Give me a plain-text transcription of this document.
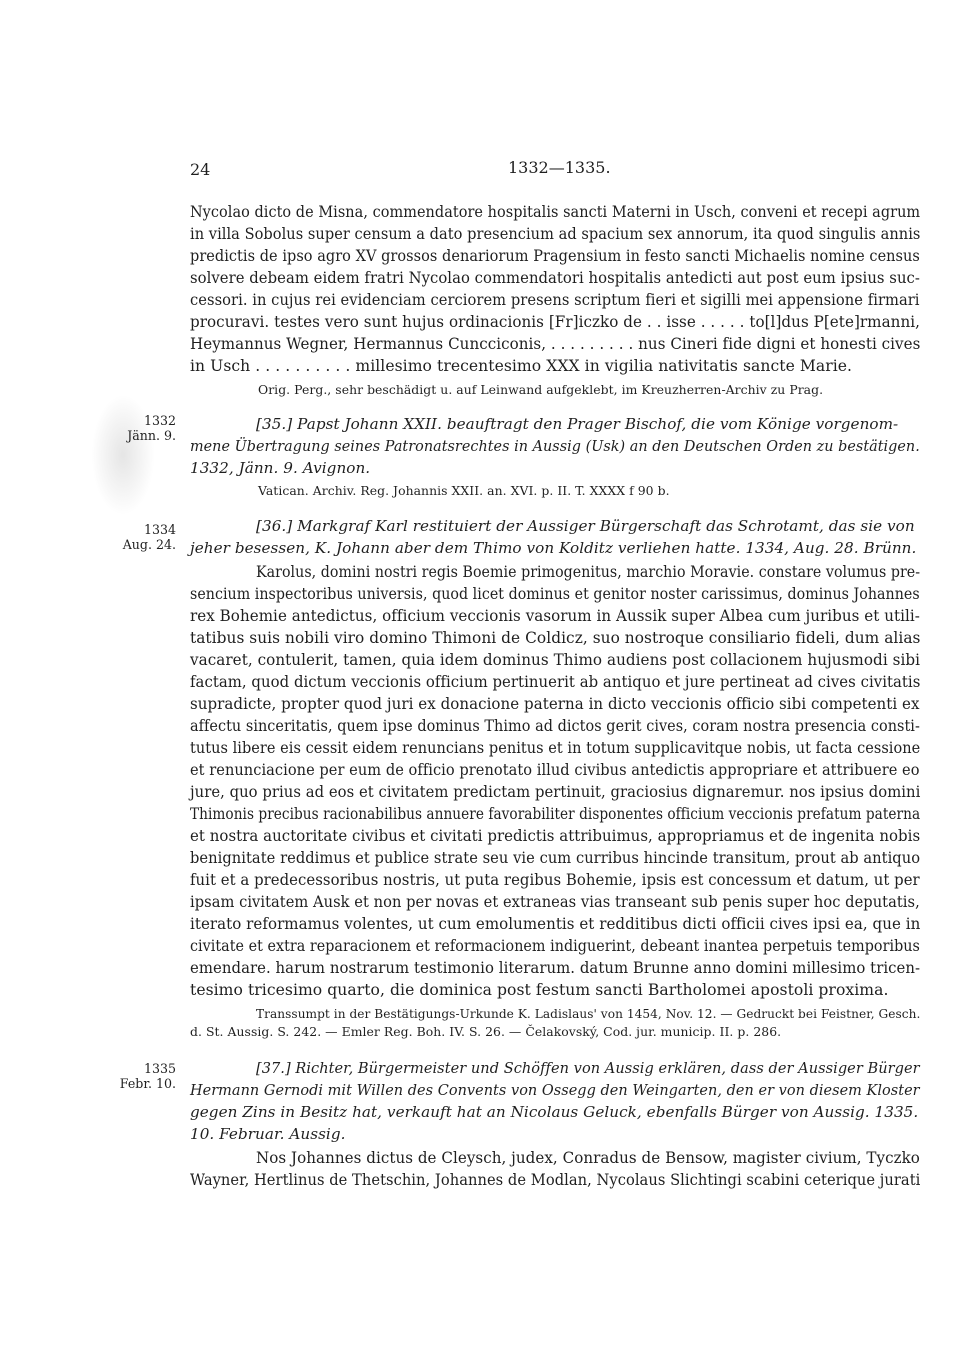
24	1332—1335.
Nycolao dicto de Misna, commendatore hospitalis sancti Materni in Usch, conveni et recepi agrum
in villa Sobolus super censum a dato presencium ad spacium sex annorum, ita quod singulis annis
predictis de ipso agro XV grossos denariorum Pragensium in festo sancti Michaelis nomine census
solvere debeam eidem fratri Nycolao commendatori hospitalis antedicti aut post eum ipsius suc-
cessori. in cujus rei evidenciam cerciorem presens scriptum fieri et sigilli mei appensione firmari
procuravi. testes vero sunt hujus ordinacionis [Fr]iczko de . . isse . . . . . to[l]dus P[ete]rmanni,
Heymannus Wegner, Hermannus Cuncciconis, . . . . . . . . . nus Cineri fide digni et honesti cives
in Usch . . . . . . . . . . millesimo trecentesimo XXX in vigilia nativitatis sancte Marie.
Orig. Perg., sehr beschädigt u. auf Leinwand aufgeklebt, im Kreuzherren-Archiv zu Prag.
1332
Jänn. 9.
[35.] Papst Johann XXII. beauftragt den Prager Bischof, die vom Könige vorgenom-
mene Übertragung seines Patronatsrechtes in Aussig (Usk) an den Deutschen Orden zu bestätigen.
1332, Jänn. 9. Avignon.
Vatican. Archiv. Reg. Johannis XXII. an. XVI. p. II. T. XXXX f 90 b.
1334
Aug. 24.
[36.] Markgraf Karl restituiert der Aussiger Bürgerschaft das Schrotamt, das sie von
jeher besessen, K. Johann aber dem Thimo von Kolditz verliehen hatte. 1334, Aug. 28. Brünn.
Karolus, domini nostri regis Boemie primogenitus, marchio Moravie. constare volumus pre-
sencium inspectoribus universis, quod licet dominus et genitor noster carissimus, dominus Johannes
rex Bohemie antedictus, officium veccionis vasorum in Aussik super Albea cum juribus et utili-
tatibus suis nobili viro domino Thimoni de Coldicz, suo nostroque consiliario fideli, dum alias
vacaret, contulerit, tamen, quia idem dominus Thimo audiens post collacionem hujusmodi sibi
factam, quod dictum veccionis officium pertinuerit ab antiquo et jure pertineat ad cives civitatis
supradicte, propter quod juri ex donacione paterna in dicto veccionis officio sibi competenti ex
affectu sinceritatis, quem ipse dominus Thimo ad dictos gerit cives, coram nostra presencia consti-
tutus libere eis cessit eidem renuncians penitus et in totum supplicavitque nobis, ut facta cessione
et renunciacione per eum de officio prenotato illud civibus antedictis appropriare et attribuere eo
jure, quo prius ad eos et civitatem predictam pertinuit, graciosius dignaremur. nos ipsius domini
Thimonis precibus racionabilibus annuere favorabiliter disponentes officium veccionis prefatum paterna
et nostra auctoritate civibus et civitati predictis attribuimus, appropriamus et de ingenita nobis
benignitate reddimus et publice strate seu vie cum curribus hincinde transitum, prout ab antiquo
fuit et a predecessoribus nostris, ut puta regibus Bohemie, ipsis est concessum et datum, ut per
ipsam civitatem Ausk et non per novas et extraneas vias transeant sub penis super hoc deputatis,
iterato reformamus volentes, ut cum emolumentis et redditibus dicti officii cives ipsi ea, que in
civitate et extra reparacionem et reformacionem indiguerint, debeant inantea perpetuis temporibus
emendare. harum nostrarum testimonio literarum. datum Brunne anno domini millesimo tricen-
tesimo tricesimo quarto, die dominica post festum sancti Bartholomei apostoli proxima.
Transsumpt in der Bestätigungs-Urkunde K. Ladislaus' von 1454, Nov. 12. — Gedruckt bei Feistner, Gesch.
d. St. Aussig. S. 242. — Emler Reg. Boh. IV. S. 26. — Čelakovský, Cod. jur. municip. II. p. 286.
1335
Febr. 10.
[37.] Richter, Bürgermeister und Schöffen von Aussig erklären, dass der Aussiger Bürger
Hermann Gernodi mit Willen des Convents von Ossegg den Weingarten, den er von diesem Kloster
gegen Zins in Besitz hat, verkauft hat an Nicolaus Geluck, ebenfalls Bürger von Aussig. 1335.
10. Februar. Aussig.
Nos Johannes dictus de Cleysch, judex, Conradus de Bensow, magister civium, Tyczko
Wayner, Hertlinus de Thetschin, Johannes de Modlan, Nycolaus Slichtingi scabini ceterique jurati
